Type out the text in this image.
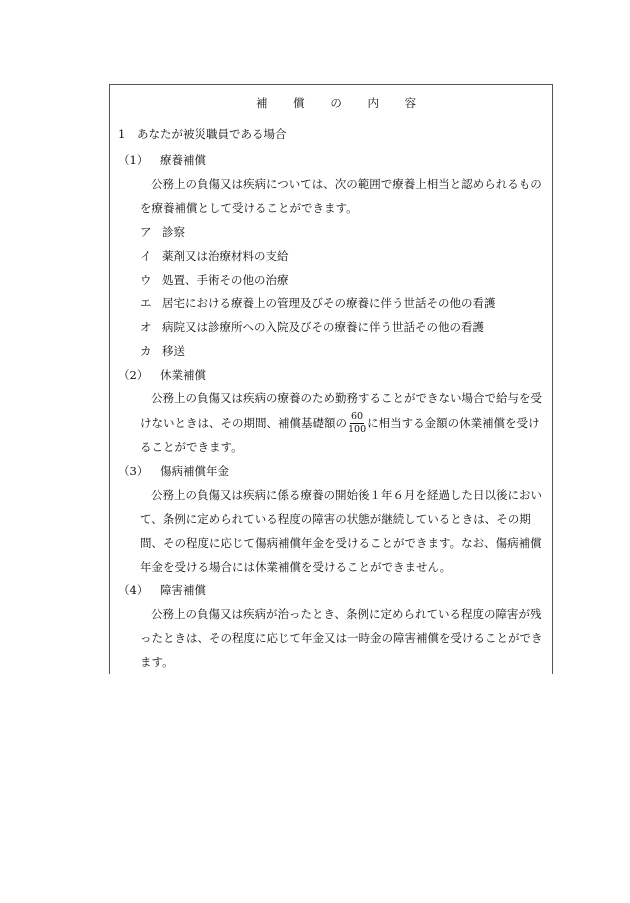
補 償 の 内 容
1 あなたが被災職員である場合
（1） 療養補償
公務上の負傷又は疾病については、次の範囲で療養上相当と認められるもの
を療養補償として受けることができます。
ア 診察
イ 薬剤又は治療材料の支給
ウ 処置、手術その他の治療
エ 居宅における療養上の管理及びその療養に伴う世話その他の看護
オ 病院又は診療所への入院及びその療養に伴う世話その他の看護
カ 移送
（2） 休業補償
公務上の負傷又は疾病の療養のため勤務することができない場合で給与を受
けないときは、その期間、補償基礎額の $\frac{60}{100}$ に相当する金額の休業補償を受け
ることができます。
（3） 傷病補償年金
公務上の負傷又は疾病に係る療養の開始後１年６月を経過した日以後におい
て、条例に定められている程度の障害の状態が継続しているときは、その期
間、その程度に応じて傷病補償年金を受けることができます。なお、傷病補償
年金を受ける場合には休業補償を受けることができません。
（4） 障害補償
公務上の負傷又は疾病が治ったとき、条例に定められている程度の障害が残
ったときは、その程度に応じて年金又は一時金の障害補償を受けることができ
ます。
